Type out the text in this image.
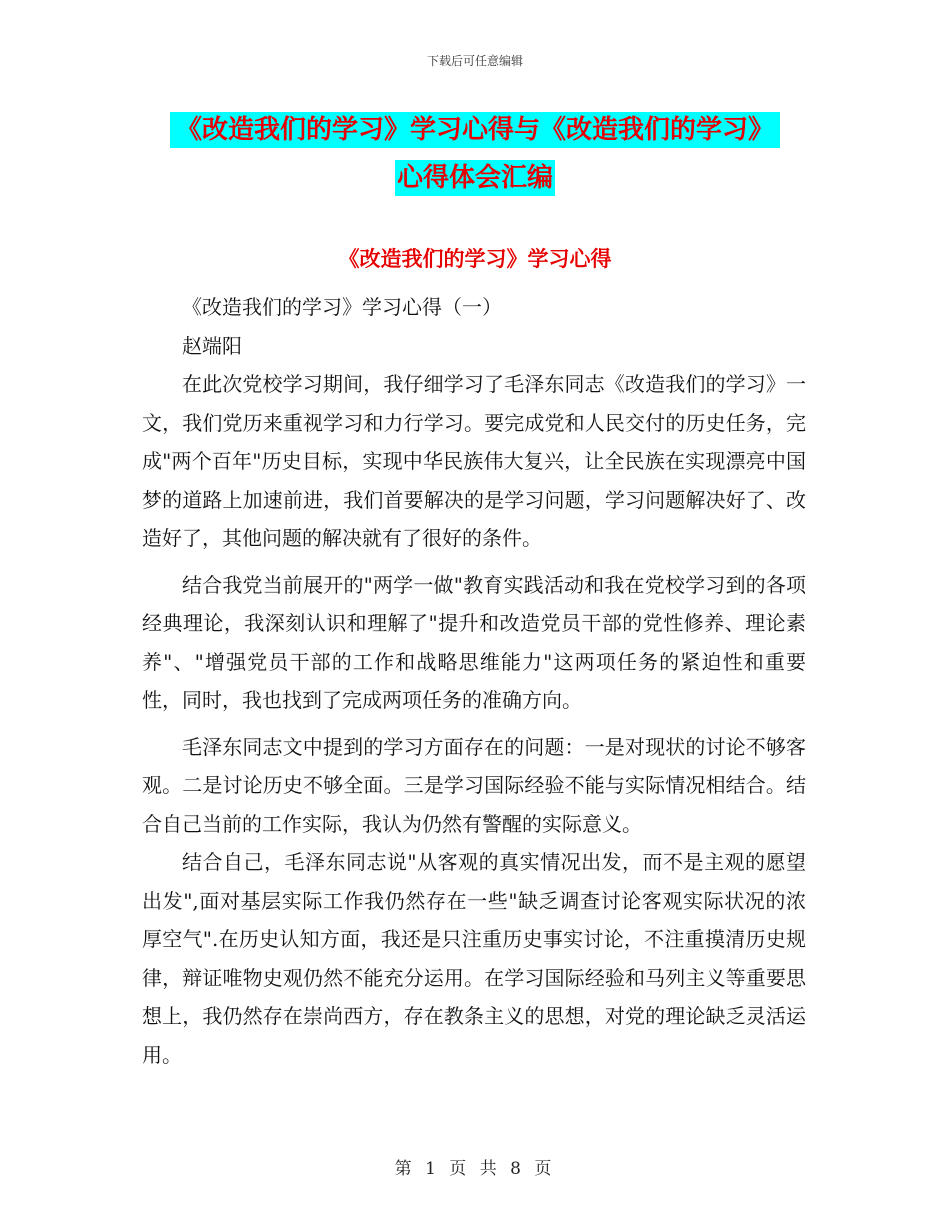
下载后可任意编辑
《改造我们的学习》学习心得与《改造我们的学习》
心得体会汇编
《改造我们的学习》学习心得

《改造我们的学习》学习心得（一）

赵端阳

在此次党校学习期间，我仔细学习了毛泽东同志《改造我们的学习》一文，我们党历来重视学习和力行学习。要完成党和人民交付的历史任务，完成"两个百年"历史目标，实现中华民族伟大复兴，让全民族在实现漂亮中国梦的道路上加速前进，我们首要解决的是学习问题，学习问题解决好了、改造好了，其他问题的解决就有了很好的条件。

结合我党当前展开的"两学一做"教育实践活动和我在党校学习到的各项经典理论，我深刻认识和理解了"提升和改造党员干部的党性修养、理论素养"、"增强党员干部的工作和战略思维能力"这两项任务的紧迫性和重要性，同时，我也找到了完成两项任务的准确方向。

毛泽东同志文中提到的学习方面存在的问题：一是对现状的讨论不够客观。二是讨论历史不够全面。三是学习国际经验不能与实际情况相结合。结合自己当前的工作实际，我认为仍然有警醒的实际意义。

结合自己，毛泽东同志说"从客观的真实情况出发，而不是主观的愿望出发",面对基层实际工作我仍然存在一些"缺乏调查讨论客观实际状况的浓厚空气".在历史认知方面，我还是只注重历史事实讨论，不注重摸清历史规律，辩证唯物史观仍然不能充分运用。在学习国际经验和马列主义等重要思想上，我仍然存在崇尚西方，存在教条主义的思想，对党的理论缺乏灵活运用。

第 1 页 共 8 页
